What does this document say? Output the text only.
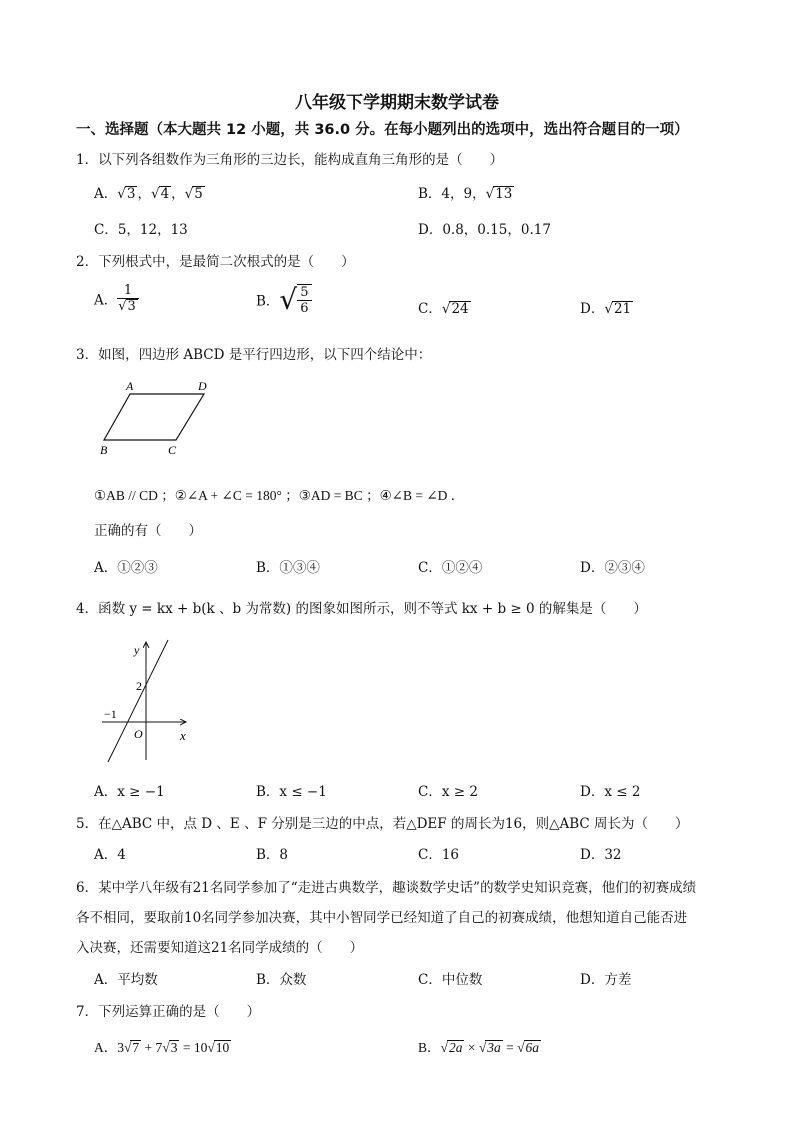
八年级下学期期末数学试卷
一、选择题（本大题共 12 小题，共 36.0 分。在每小题列出的选项中，选出符合题目的一项）
1．以下列各组数作为三角形的三边长，能构成直角三角形的是（　　）
A．√3 ，√4 ，√5	B．4，9，√13
C．5，12，13	D．0.8，0.15，0.17
2．下列根式中，是最简二次根式的是（　　）
A． $\frac{1}{√3}$	B．√ $\frac{5}{6}$	C．√24	D．√21
3．如图，四边形 ABCD 是平行四边形，以下四个结论中：
A	D
B	C
①AB // CD ；②∠A + ∠C = 180° ；③AD = BC ；④∠B = ∠D ．
正确的有（　　）
A．①②③	B．①③④	C．①②④	D．②③④
4．函数 y = kx + b(k 、b 为常数) 的图象如图所示，则不等式 kx + b ≥ 0 的解集是（　　）
y
x
O
2
−1
A．x ≥ −1	B．x ≤ −1	C．x ≥ 2	D．x ≤ 2
5．在△ABC 中，点 D 、E 、F 分别是三边的中点，若△DEF 的周长为16，则△ABC 周长为（　　）
A．4	B．8	C．16	D．32
6．某中学八年级有21名同学参加了“走进古典数学，趣谈数学史话”的数学史知识竞赛，他们的初赛成绩
各不相同，要取前10名同学参加决赛，其中小智同学已经知道了自己的初赛成绩，他想知道自己能否进
入决赛，还需要知道这21名同学成绩的（　　）
A．平均数	B．众数	C．中位数	D．方差
7．下列运算正确的是（　　）
A．3√7 + 7√3 = 10√10	B．√2a × √3a = √6a
